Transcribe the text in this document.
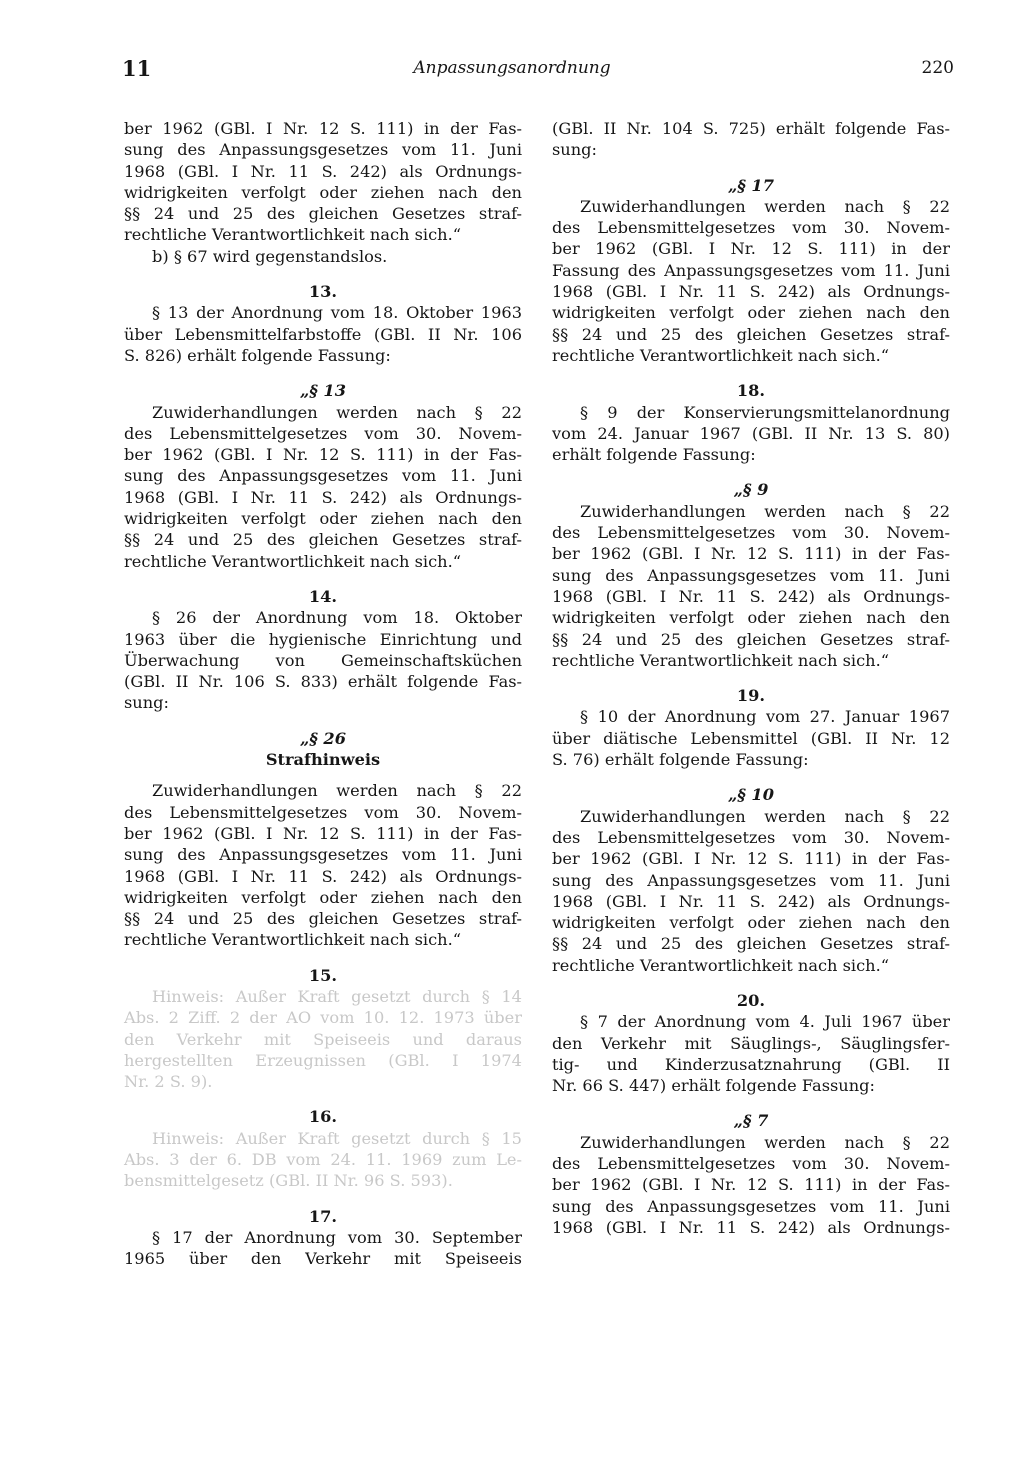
11	Anpassungsanordnung	220
ber 1962 (GBl. I Nr. 12 S. 111) in der Fas-
sung des Anpassungsgesetzes vom 11. Juni
1968 (GBl. I Nr. 11 S. 242) als Ordnungs-
widrigkeiten verfolgt oder ziehen nach den
§§ 24 und 25 des gleichen Gesetzes straf-
rechtliche Verantwortlichkeit nach sich.“
b) § 67 wird gegenstandslos.
13.
§ 13 der Anordnung vom 18. Oktober 1963
über Lebensmittelfarbstoffe (GBl. II Nr. 106
S. 826) erhält folgende Fassung:
„§ 13
Zuwiderhandlungen werden nach § 22
des Lebensmittelgesetzes vom 30. Novem-
ber 1962 (GBl. I Nr. 12 S. 111) in der Fas-
sung des Anpassungsgesetzes vom 11. Juni
1968 (GBl. I Nr. 11 S. 242) als Ordnungs-
widrigkeiten verfolgt oder ziehen nach den
§§ 24 und 25 des gleichen Gesetzes straf-
rechtliche Verantwortlichkeit nach sich.“
14.
§ 26 der Anordnung vom 18. Oktober
1963 über die hygienische Einrichtung und
Überwachung von Gemeinschaftsküchen
(GBl. II Nr. 106 S. 833) erhält folgende Fas-
sung:
„§ 26
Strafhinweis
Zuwiderhandlungen werden nach § 22
des Lebensmittelgesetzes vom 30. Novem-
ber 1962 (GBl. I Nr. 12 S. 111) in der Fas-
sung des Anpassungsgesetzes vom 11. Juni
1968 (GBl. I Nr. 11 S. 242) als Ordnungs-
widrigkeiten verfolgt oder ziehen nach den
§§ 24 und 25 des gleichen Gesetzes straf-
rechtliche Verantwortlichkeit nach sich.“
15.
Hinweis: Außer Kraft gesetzt durch § 14
Abs. 2 Ziff. 2 der AO vom 10. 12. 1973 über
den Verkehr mit Speiseeis und daraus
hergestellten Erzeugnissen (GBl. I 1974
Nr. 2 S. 9).
16.
Hinweis: Außer Kraft gesetzt durch § 15
Abs. 3 der 6. DB vom 24. 11. 1969 zum Le-
bensmittelgesetz (GBl. II Nr. 96 S. 593).
17.
§ 17 der Anordnung vom 30. September
1965 über den Verkehr mit Speiseeis
(GBl. II Nr. 104 S. 725) erhält folgende Fas-
sung:
„§ 17
Zuwiderhandlungen werden nach § 22
des Lebensmittelgesetzes vom 30. Novem-
ber 1962 (GBl. I Nr. 12 S. 111) in der
Fassung des Anpassungsgesetzes vom 11. Juni
1968 (GBl. I Nr. 11 S. 242) als Ordnungs-
widrigkeiten verfolgt oder ziehen nach den
§§ 24 und 25 des gleichen Gesetzes straf-
rechtliche Verantwortlichkeit nach sich.“
18.
§ 9 der Konservierungsmittelanordnung
vom 24. Januar 1967 (GBl. II Nr. 13 S. 80)
erhält folgende Fassung:
„§ 9
Zuwiderhandlungen werden nach § 22
des Lebensmittelgesetzes vom 30. Novem-
ber 1962 (GBl. I Nr. 12 S. 111) in der Fas-
sung des Anpassungsgesetzes vom 11. Juni
1968 (GBl. I Nr. 11 S. 242) als Ordnungs-
widrigkeiten verfolgt oder ziehen nach den
§§ 24 und 25 des gleichen Gesetzes straf-
rechtliche Verantwortlichkeit nach sich.“
19.
§ 10 der Anordnung vom 27. Januar 1967
über diätische Lebensmittel (GBl. II Nr. 12
S. 76) erhält folgende Fassung:
„§ 10
Zuwiderhandlungen werden nach § 22
des Lebensmittelgesetzes vom 30. Novem-
ber 1962 (GBl. I Nr. 12 S. 111) in der Fas-
sung des Anpassungsgesetzes vom 11. Juni
1968 (GBl. I Nr. 11 S. 242) als Ordnungs-
widrigkeiten verfolgt oder ziehen nach den
§§ 24 und 25 des gleichen Gesetzes straf-
rechtliche Verantwortlichkeit nach sich.“
20.
§ 7 der Anordnung vom 4. Juli 1967 über
den Verkehr mit Säuglings-, Säuglingsfer-
tig- und Kinderzusatznahrung (GBl. II
Nr. 66 S. 447) erhält folgende Fassung:
„§ 7
Zuwiderhandlungen werden nach § 22
des Lebensmittelgesetzes vom 30. Novem-
ber 1962 (GBl. I Nr. 12 S. 111) in der Fas-
sung des Anpassungsgesetzes vom 11. Juni
1968 (GBl. I Nr. 11 S. 242) als Ordnungs-
